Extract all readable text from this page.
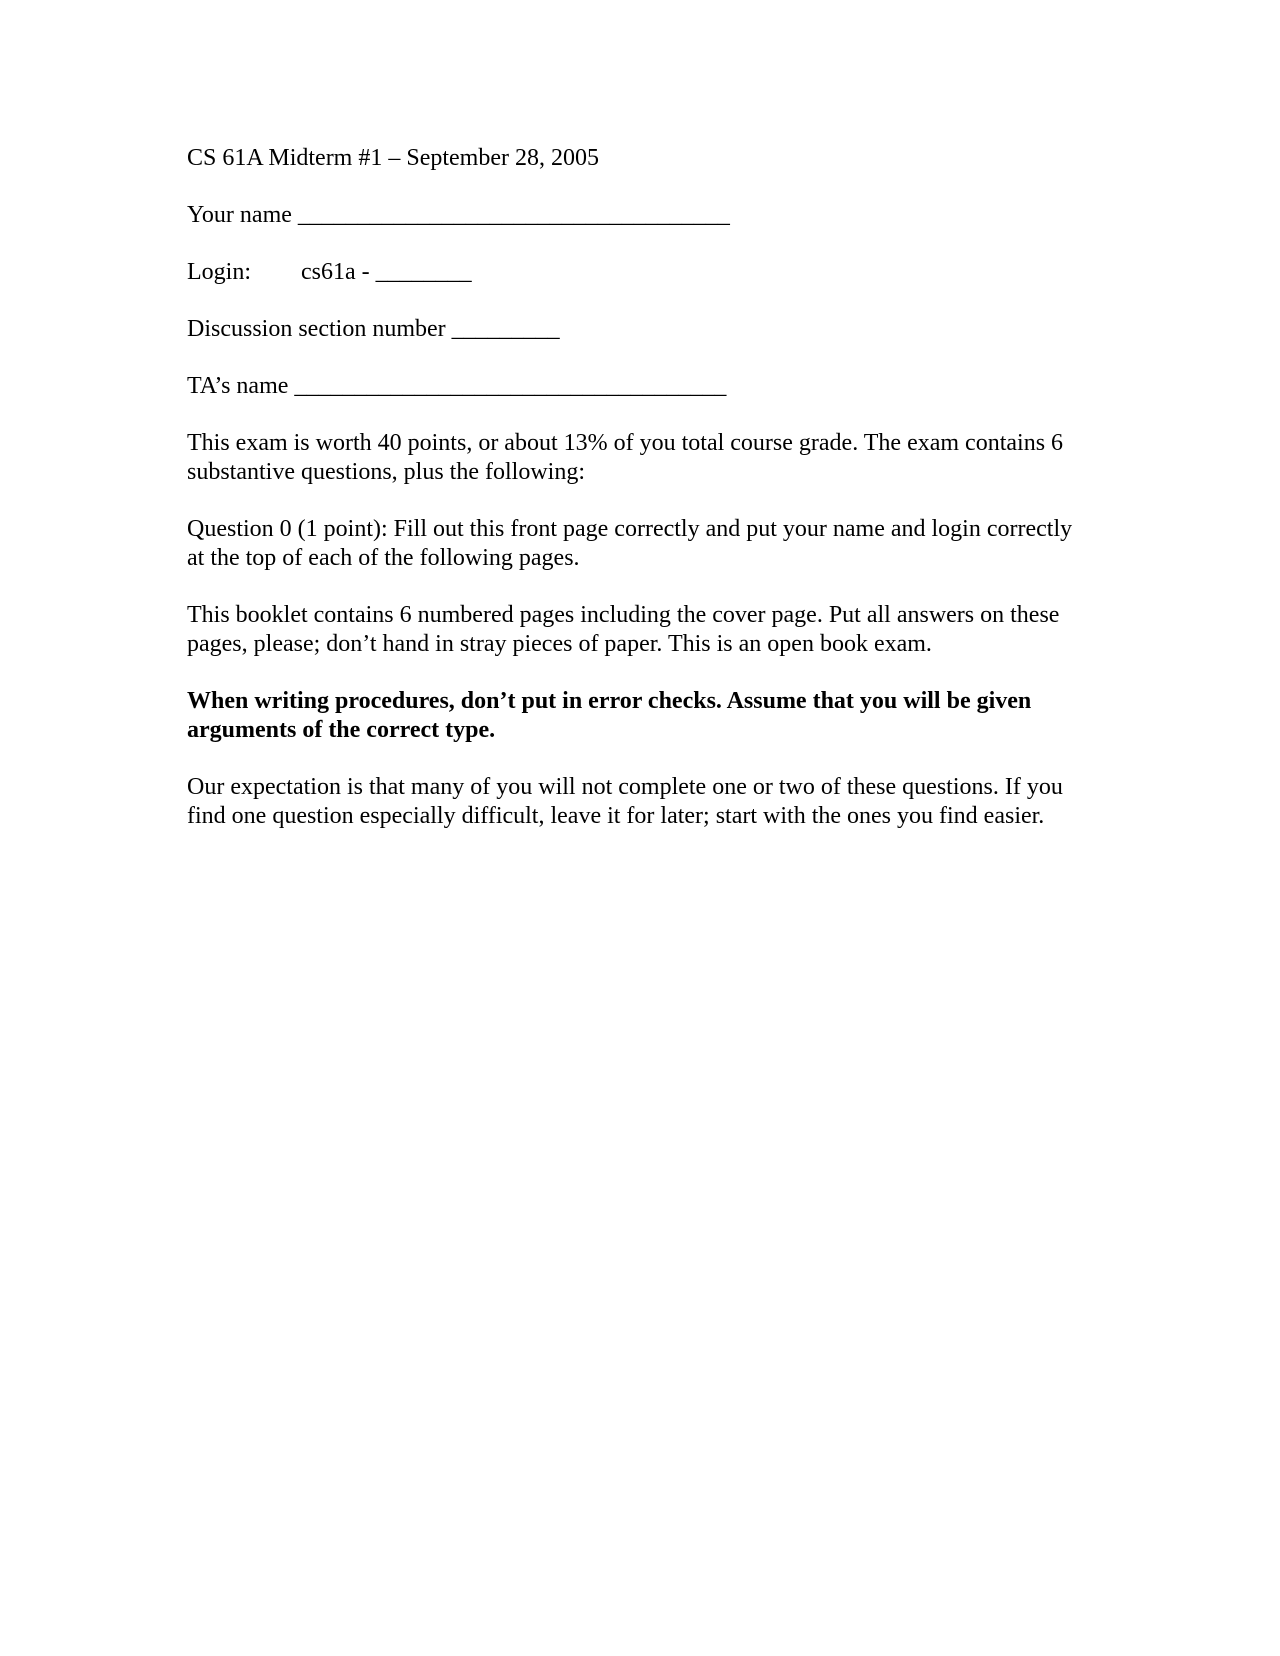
CS 61A Midterm #1 – September 28, 2005
Your name ____________________________________
Login: cs61a - ________
Discussion section number _________
TA’s name ____________________________________

This exam is worth 40 points, or about 13% of you total course grade. The exam contains 6 substantive questions, plus the following:

Question 0 (1 point): Fill out this front page correctly and put your name and login correctly at the top of each of the following pages.

This booklet contains 6 numbered pages including the cover page. Put all answers on these pages, please; don’t hand in stray pieces of paper. This is an open book exam.

When writing procedures, don’t put in error checks. Assume that you will be given arguments of the correct type.

Our expectation is that many of you will not complete one or two of these questions. If you find one question especially difficult, leave it for later; start with the ones you find easier.
